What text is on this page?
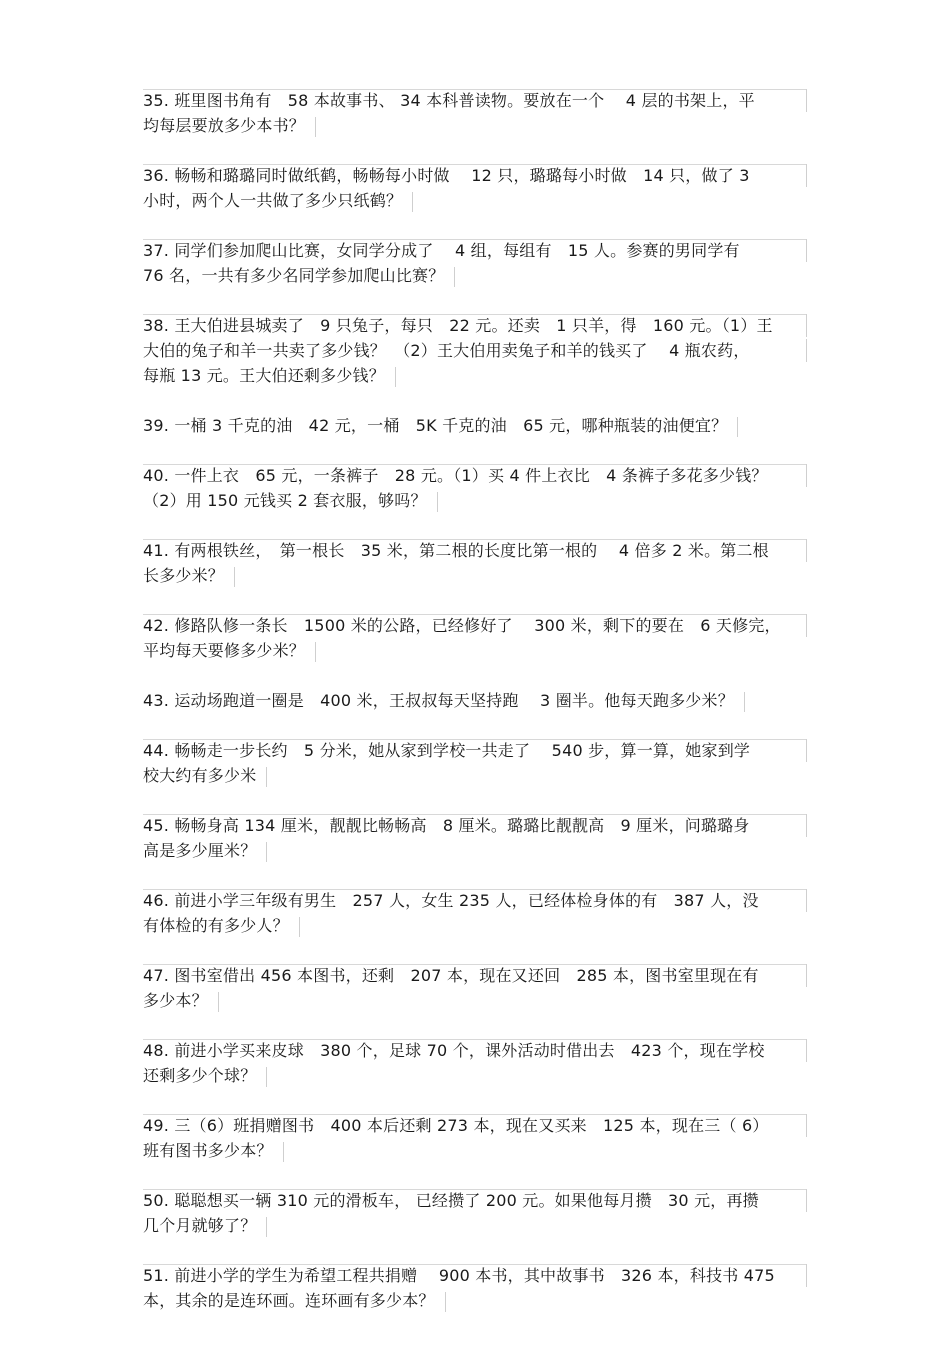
35. 班里图书角有　58 本故事书、 34 本科普读物。要放在一个　 4 层的书架上，平
均每层要放多少本书？
36. 畅畅和璐璐同时做纸鹤，畅畅每小时做　 12 只，璐璐每小时做　14 只，做了 3
小时，两个人一共做了多少只纸鹤？
37. 同学们参加爬山比赛，女同学分成了　 4 组，每组有　15 人。参赛的男同学有
76 名，一共有多少名同学参加爬山比赛？
38. 王大伯进县城卖了　9 只兔子，每只　22 元。还卖　1 只羊，得　160 元。（1）王
大伯的兔子和羊一共卖了多少钱？　（2）王大伯用卖兔子和羊的钱买了　 4 瓶农药，
每瓶 13 元。王大伯还剩多少钱？
39. 一桶 3 千克的油　42 元，一桶　5K 千克的油　65 元，哪种瓶装的油便宜？
40. 一件上衣　65 元，一条裤子　28 元。（1）买 4 件上衣比　4 条裤子多花多少钱？
（2）用 150 元钱买 2 套衣服，够吗？
41. 有两根铁丝，　第一根长　35 米，第二根的长度比第一根的　 4 倍多 2 米。第二根
长多少米？
42. 修路队修一条长　1500 米的公路，已经修好了　 300 米，剩下的要在　6 天修完，
平均每天要修多少米？
43. 运动场跑道一圈是　400 米，王叔叔每天坚持跑　 3 圈半。他每天跑多少米？
44. 畅畅走一步长约　5 分米，她从家到学校一共走了　 540 步，算一算，她家到学
校大约有多少米
45. 畅畅身高 134 厘米，靓靓比畅畅高　8 厘米。璐璐比靓靓高　9 厘米，问璐璐身
高是多少厘米？
46. 前进小学三年级有男生　257 人，女生 235 人，已经体检身体的有　387 人，没
有体检的有多少人？
47. 图书室借出 456 本图书，还剩　207 本，现在又还回　285 本，图书室里现在有
多少本？
48. 前进小学买来皮球　380 个，足球 70 个，课外活动时借出去　423 个，现在学校
还剩多少个球？
49. 三（6）班捐赠图书　400 本后还剩 273 本，现在又买来　125 本，现在三（ 6）
班有图书多少本？
50. 聪聪想买一辆 310 元的滑板车， 已经攒了 200 元。如果他每月攒　30 元，再攒
几个月就够了？
51. 前进小学的学生为希望工程共捐赠　 900 本书，其中故事书　326 本，科技书 475
本，其余的是连环画。连环画有多少本？
